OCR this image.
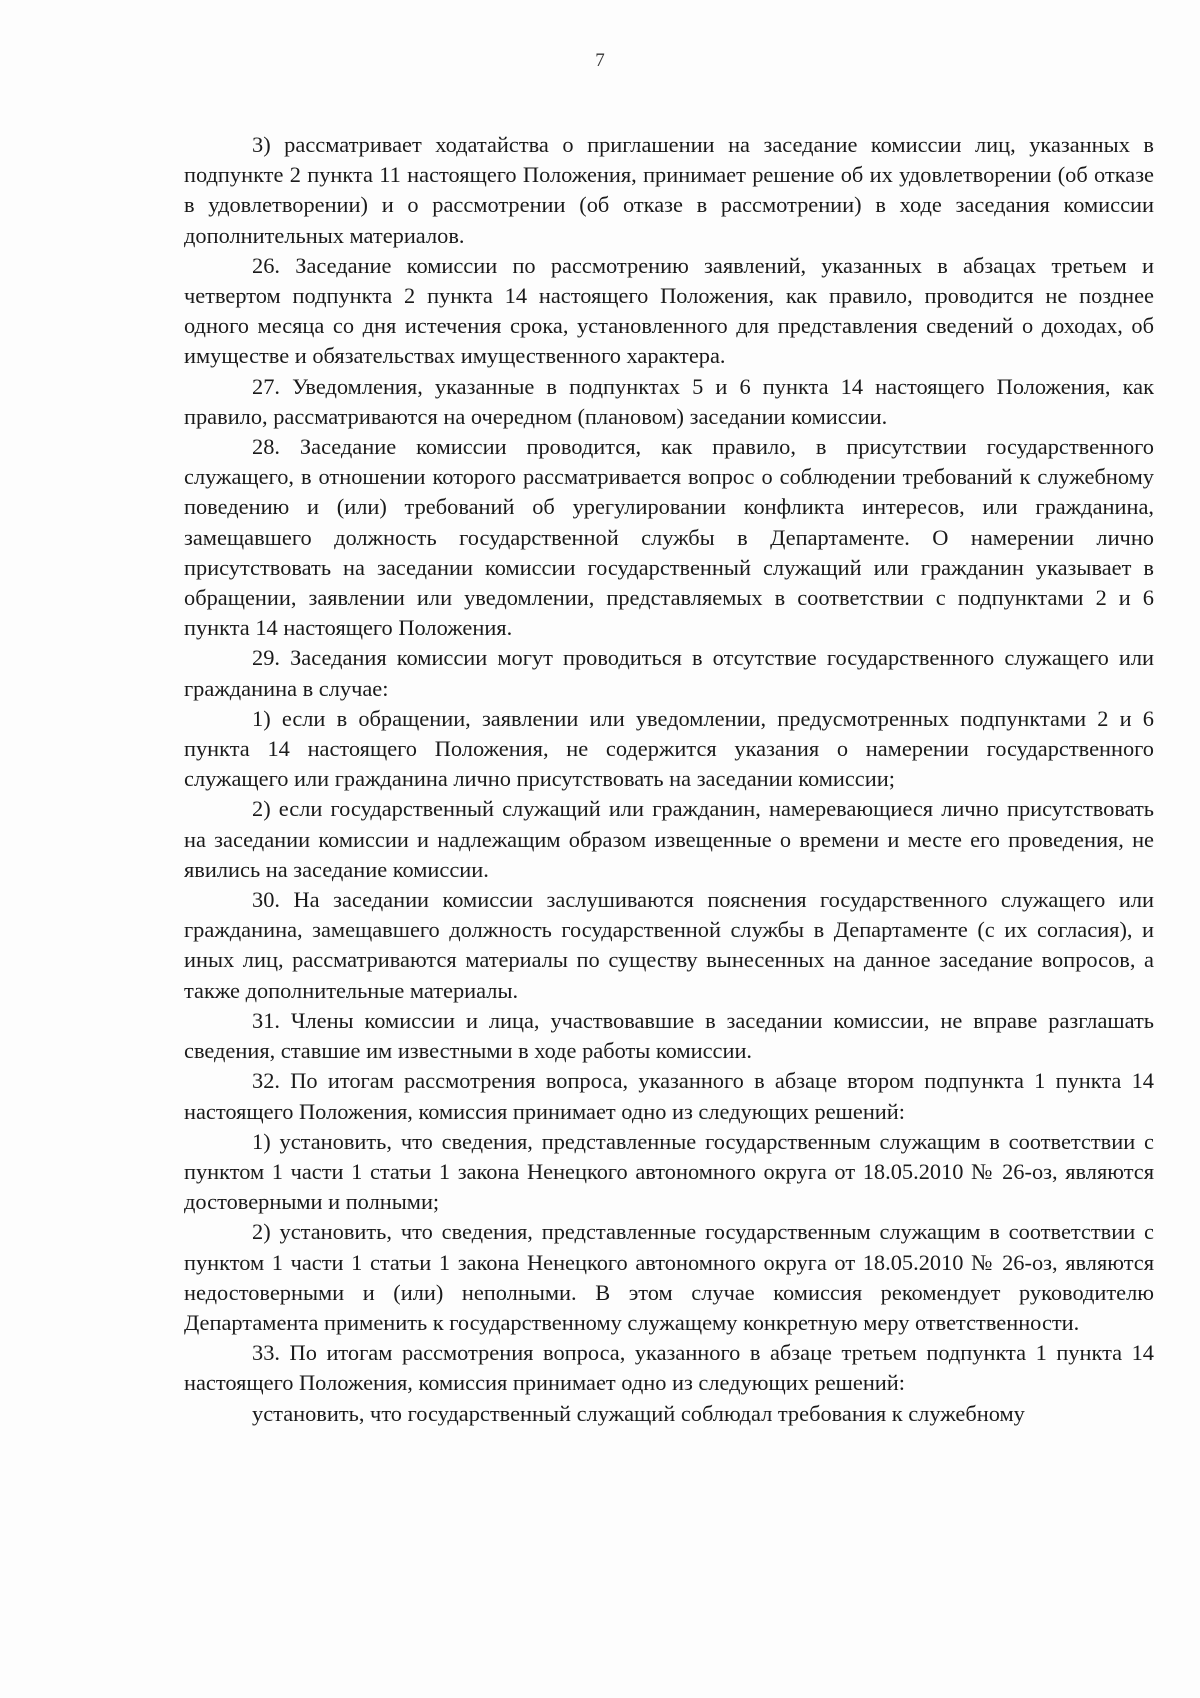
7

3) рассматривает ходатайства о приглашении на заседание комиссии лиц, указанных в подпункте 2 пункта 11 настоящего Положения, принимает решение об их удовлетворении (об отказе в удовлетворении) и о рассмотрении (об отказе в рассмотрении) в ходе заседания комиссии дополнительных материалов.

26. Заседание комиссии по рассмотрению заявлений, указанных в абзацах третьем и четвертом подпункта 2 пункта 14 настоящего Положения, как правило, проводится не позднее одного месяца со дня истечения срока, установленного для представления сведений о доходах, об имуществе и обязательствах имущественного характера.

27. Уведомления, указанные в подпунктах 5 и 6 пункта 14 настоящего Положения, как правило, рассматриваются на очередном (плановом) заседании комиссии.

28. Заседание комиссии проводится, как правило, в присутствии государственного служащего, в отношении которого рассматривается вопрос о соблюдении требований к служебному поведению и (или) требований об урегулировании конфликта интересов, или гражданина, замещавшего должность государственной службы в Департаменте. О намерении лично присутствовать на заседании комиссии государственный служащий или гражданин указывает в обращении, заявлении или уведомлении, представляемых в соответствии с подпунктами 2 и 6 пункта 14 настоящего Положения.

29. Заседания комиссии могут проводиться в отсутствие государственного служащего или гражданина в случае:

1) если в обращении, заявлении или уведомлении, предусмотренных подпунктами 2 и 6 пункта 14 настоящего Положения, не содержится указания о намерении государственного служащего или гражданина лично присутствовать на заседании комиссии;

2) если государственный служащий или гражданин, намеревающиеся лично присутствовать на заседании комиссии и надлежащим образом извещенные о времени и месте его проведения, не явились на заседание комиссии.

30. На заседании комиссии заслушиваются пояснения государственного служащего или гражданина, замещавшего должность государственной службы в Департаменте (с их согласия), и иных лиц, рассматриваются материалы по существу вынесенных на данное заседание вопросов, а также дополнительные материалы.

31. Члены комиссии и лица, участвовавшие в заседании комиссии, не вправе разглашать сведения, ставшие им известными в ходе работы комиссии.

32. По итогам рассмотрения вопроса, указанного в абзаце втором подпункта 1 пункта 14 настоящего Положения, комиссия принимает одно из следующих решений:

1) установить, что сведения, представленные государственным служащим в соответствии с пунктом 1 части 1 статьи 1 закона Ненецкого автономного округа от 18.05.2010 № 26-оз, являются достоверными и полными;

2) установить, что сведения, представленные государственным служащим в соответствии с пунктом 1 части 1 статьи 1 закона Ненецкого автономного округа от 18.05.2010 № 26-оз, являются недостоверными и (или) неполными. В этом случае комиссия рекомендует руководителю Департамента применить к государственному служащему конкретную меру ответственности.

33. По итогам рассмотрения вопроса, указанного в абзаце третьем подпункта 1 пункта 14 настоящего Положения, комиссия принимает одно из следующих решений:

установить, что государственный служащий соблюдал требования к служебному
